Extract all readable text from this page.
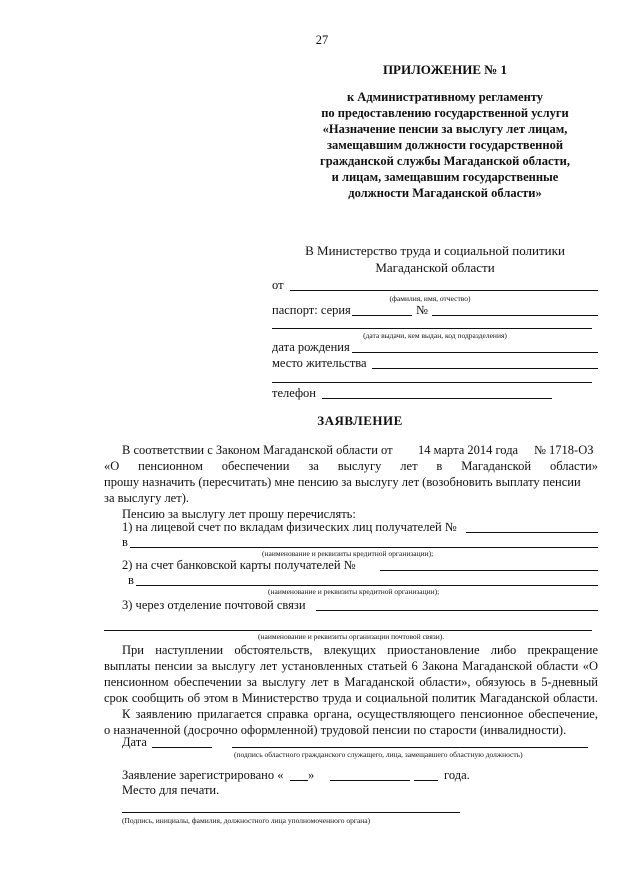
27
ПРИЛОЖЕНИЕ № 1
к Административному регламенту
по предоставлению государственной услуги
«Назначение пенсии за выслугу лет лицам,
замещавшим должности государственной
гражданской службы Магаданской области,
и лицам, замещавшим государственные
должности Магаданской области»
В Министерство труда и социальной политики
Магаданской области
от
(фамилия, имя, отчество)
паспорт: серия	№
(дата выдачи, кем выдан, код подразделения)
дата рождения
место жительства
телефон
ЗАЯВЛЕНИЕ
В соответствии с Законом Магаданской области от 14 марта 2014 года № 1718-ОЗ
«О пенсионном обеспечении за выслугу лет в Магаданской области»
прошу назначить (пересчитать) мне пенсию за выслугу лет (возобновить выплату пенсии
за выслугу лет).
Пенсию за выслугу лет прошу перечислять:
1) на лицевой счет по вкладам физических лиц получателей №
в
(наименование и реквизиты кредитной организации);
2) на счет банковской карты получателей №
в
(наименование и реквизиты кредитной организации);
3) через отделение почтовой связи
(наименование и реквизиты организации почтовой связи).
При наступлении обстоятельств, влекущих приостановление либо прекращение
выплаты пенсии за выслугу лет установленных статьей 6 Закона Магаданской области «О
пенсионном обеспечении за выслугу лет в Магаданской области», обязуюсь в 5-дневный
срок сообщить об этом в Министерство труда и социальной политик Магаданской области.
К заявлению прилагается справка органа, осуществляющего пенсионное обеспечение,
о назначенной (досрочно оформленной) трудовой пенсии по старости (инвалидности).
Дата
(подпись областного гражданского служащего, лица, замещавшего областную должность)
Заявление зарегистрировано « »	года.
Место для печати.
(Подпись, инициалы, фамилия, должностного лица уполномоченного органа)
